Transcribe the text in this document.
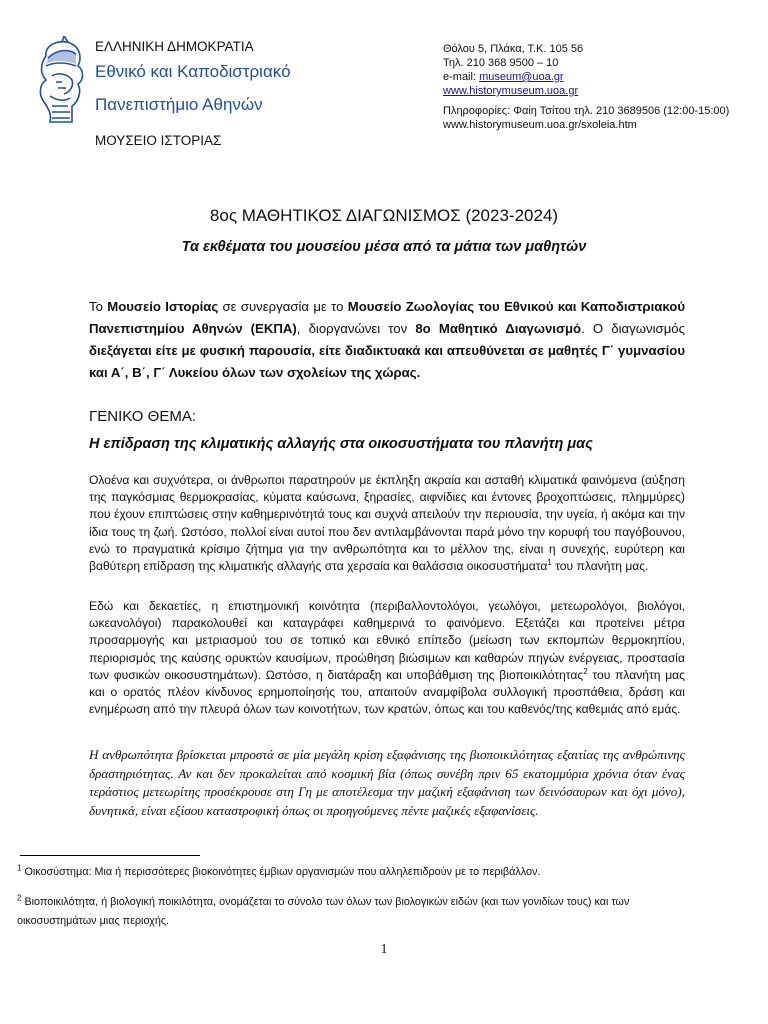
ΕΛΛΗΝΙΚΗ ΔΗΜΟΚΡΑΤΙΑ
Εθνικό και Καποδιστριακό
Πανεπιστήμιο Αθηνών
ΜΟΥΣΕΙΟ ΙΣΤΟΡΙΑΣ
Θόλου 5, Πλάκα, Τ.Κ. 105 56
Τηλ. 210 368 9500 – 10
e-mail: museum@uoa.gr
www.historymuseum.uoa.gr
Πληροφορίες: Φαίη Τσίτου τηλ. 210 3689506 (12:00-15:00)
www.historymuseum.uoa.gr/sxoleia.htm
8ος ΜΑΘΗΤΙΚΟΣ ΔΙΑΓΩΝΙΣΜΟΣ (2023-2024)
Τα εκθέματα του μουσείου μέσα από τα μάτια των μαθητών
Το Μουσείο Ιστορίας σε συνεργασία με το Μουσείο Ζωολογίας του Εθνικού και Καποδιστριακού Πανεπιστημίου Αθηνών (ΕΚΠΑ), διοργανώνει τον 8ο Μαθητικό Διαγωνισμό. Ο διαγωνισμός διεξάγεται είτε με φυσική παρουσία, είτε διαδικτυακά και απευθύνεται σε μαθητές Γ΄ γυμνασίου και Α΄, Β΄, Γ΄ Λυκείου όλων των σχολείων της χώρας.
ΓΕΝΙΚΟ ΘΕΜΑ:
Η επίδραση της κλιματικής αλλαγής στα οικοσυστήματα του πλανήτη μας
Ολοένα και συχνότερα, οι άνθρωποι παρατηρούν με έκπληξη ακραία και ασταθή κλιματικά φαινόμενα (αύξηση της παγκόσμιας θερμοκρασίας, κύματα καύσωνα, ξηρασίες, αιφνίδιες και έντονες βροχοπτώσεις, πλημμύρες) που έχουν επιπτώσεις στην καθημερινότητά τους και συχνά απειλούν την περιουσία, την υγεία, ή ακόμα και την ίδια τους τη ζωή. Ωστόσο, πολλοί είναι αυτοί που δεν αντιλαμβάνονται παρά μόνο την κορυφή του παγόβουνου, ενώ το πραγματικά κρίσιμο ζήτημα για την ανθρωπότητα και το μέλλον της, είναι η συνεχής, ευρύτερη και βαθύτερη επίδραση της κλιματικής αλλαγής στα χερσαία και θαλάσσια οικοσυστήματα$^1$ του πλανήτη μας.
Εδώ και δεκαετίες, η επιστημονική κοινότητα (περιβαλλοντολόγοι, γεωλόγοι, μετεωρολόγοι, βιολόγοι, ωκεανολόγοι) παρακολουθεί και καταγράφει καθημερινά το φαινόμενο. Εξετάζει και προτείνει μέτρα προσαρμογής και μετριασμού του σε τοπικό και εθνικό επίπεδο (μείωση των εκπομπών θερμοκηπίου, περιορισμός της καύσης ορυκτών καυσίμων, προώθηση βιώσιμων και καθαρών πηγών ενέργειας, προστασία των φυσικών οικοσυστημάτων). Ωστόσο, η διατάραξη και υποβάθμιση της βιοποικιλότητας$^2$ του πλανήτη μας και ο ορατός πλέον κίνδυνος ερημοποίησής του, απαιτούν αναμφίβολα συλλογική προσπάθεια, δράση και ενημέρωση από την πλευρά όλων των κοινοτήτων, των κρατών, όπως και του καθενός/της καθεμιάς από εμάς.
Η ανθρωπότητα βρίσκεται μπροστά σε μία μεγάλη κρίση εξαφάνισης της βιοποικιλότητας εξαιτίας της ανθρώπινης δραστηριότητας. Αν και δεν προκαλείται από κοσμική βία (όπως συνέβη πριν 65 εκατομμύρια χρόνια όταν ένας τεράστιος μετεωρίτης προσέκρουσε στη Γη με αποτέλεσμα την μαζική εξαφάνιση των δεινόσαυρων και όχι μόνο), δυνητικά, είναι εξίσου καταστροφική όπως οι προηγούμενες πέντε μαζικές εξαφανίσεις.
$^1$ Οικοσύστημα: Μια ή περισσότερες βιοκοινότητες έμβιων οργανισμών που αλληλεπιδρούν με το περιβάλλον.
$^2$ Βιοποικιλότητα, ή βιολογική ποικιλότητα, ονομάζεται το σύνολο των όλων των βιολογικών ειδών (και των γονιδίων τους) και των οικοσυστημάτων μιας περιοχής.
1
